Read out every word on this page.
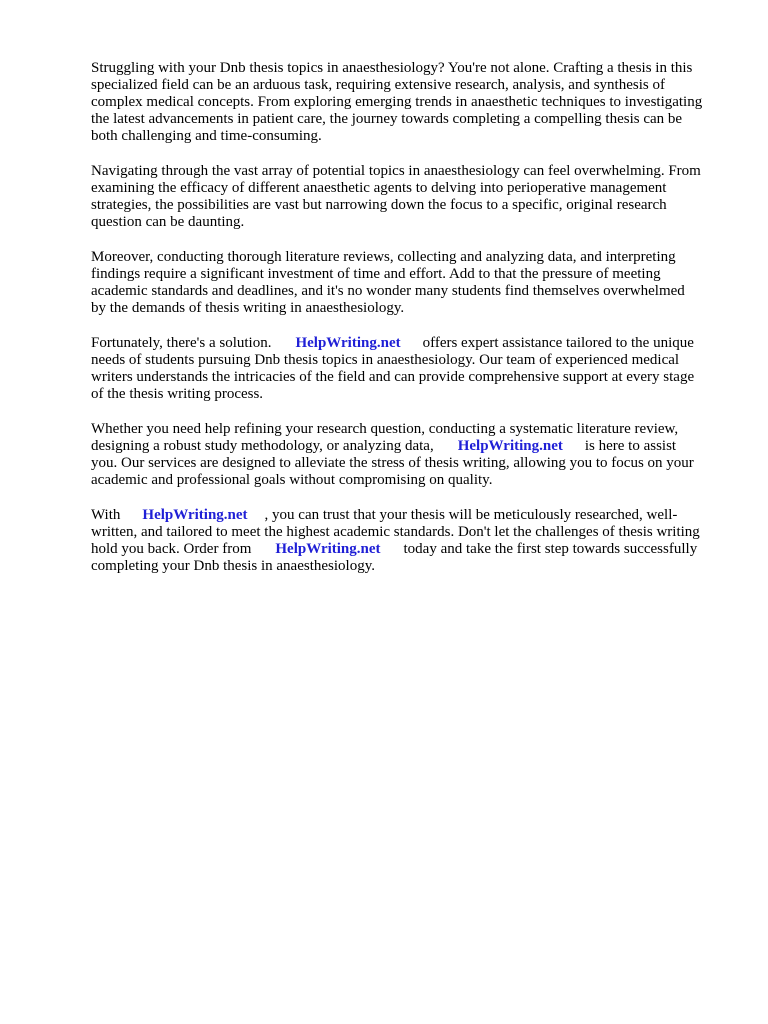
Struggling with your Dnb thesis topics in anaesthesiology? You're not alone. Crafting a thesis in this
specialized field can be an arduous task, requiring extensive research, analysis, and synthesis of
complex medical concepts. From exploring emerging trends in anaesthetic techniques to investigating
the latest advancements in patient care, the journey towards completing a compelling thesis can be
both challenging and time-consuming.

Navigating through the vast array of potential topics in anaesthesiology can feel overwhelming. From
examining the efficacy of different anaesthetic agents to delving into perioperative management
strategies, the possibilities are vast but narrowing down the focus to a specific, original research
question can be daunting.

Moreover, conducting thorough literature reviews, collecting and analyzing data, and interpreting
findings require a significant investment of time and effort. Add to that the pressure of meeting
academic standards and deadlines, and it's no wonder many students find themselves overwhelmed
by the demands of thesis writing in anaesthesiology.

Fortunately, there's a solution. HelpWriting.net offers expert assistance tailored to the unique
needs of students pursuing Dnb thesis topics in anaesthesiology. Our team of experienced medical
writers understands the intricacies of the field and can provide comprehensive support at every stage
of the thesis writing process.

Whether you need help refining your research question, conducting a systematic literature review,
designing a robust study methodology, or analyzing data, HelpWriting.net is here to assist
you. Our services are designed to alleviate the stress of thesis writing, allowing you to focus on your
academic and professional goals without compromising on quality.

With HelpWriting.net , you can trust that your thesis will be meticulously researched, well-
written, and tailored to meet the highest academic standards. Don't let the challenges of thesis writing
hold you back. Order from HelpWriting.net today and take the first step towards successfully
completing your Dnb thesis in anaesthesiology.
